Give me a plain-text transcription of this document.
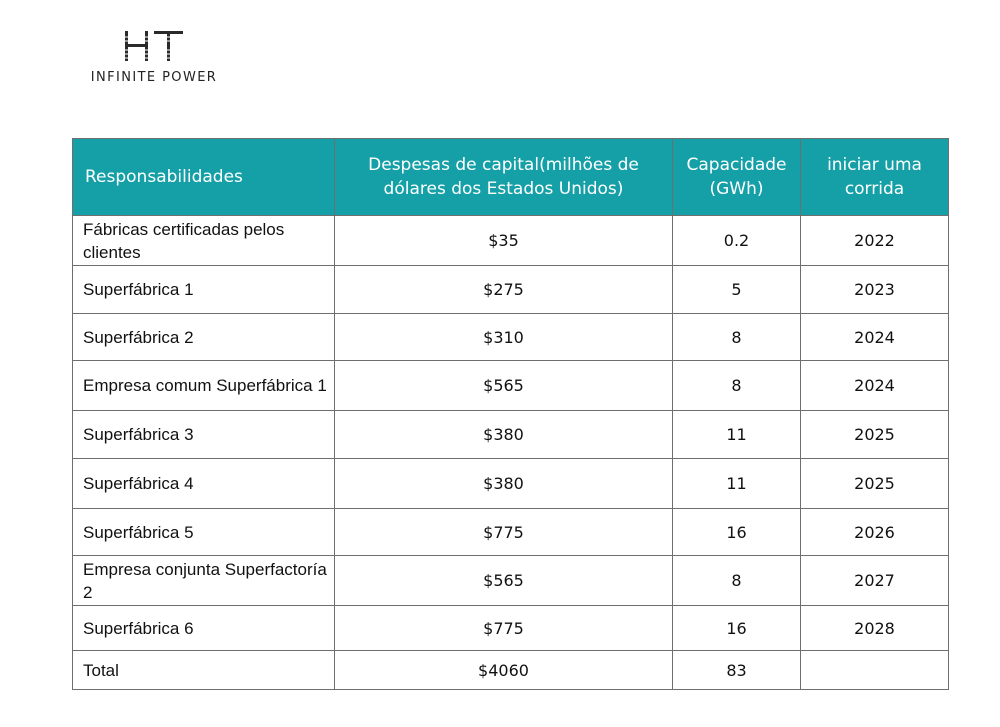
INFINITE POWER
Responsabilidades	Despesas de capital(milhões de dólares dos Estados Unidos)	Capacidade (GWh)	iniciar uma corrida
Fábricas certificadas pelos clientes	$35	0.2	2022
Superfábrica 1	$275	5	2023
Superfábrica 2	$310	8	2024
Empresa comum Superfábrica 1	$565	8	2024
Superfábrica 3	$380	11	2025
Superfábrica 4	$380	11	2025
Superfábrica 5	$775	16	2026
Empresa conjunta Superfactoría 2	$565	8	2027
Superfábrica 6	$775	16	2028
Total	$4060	83	
